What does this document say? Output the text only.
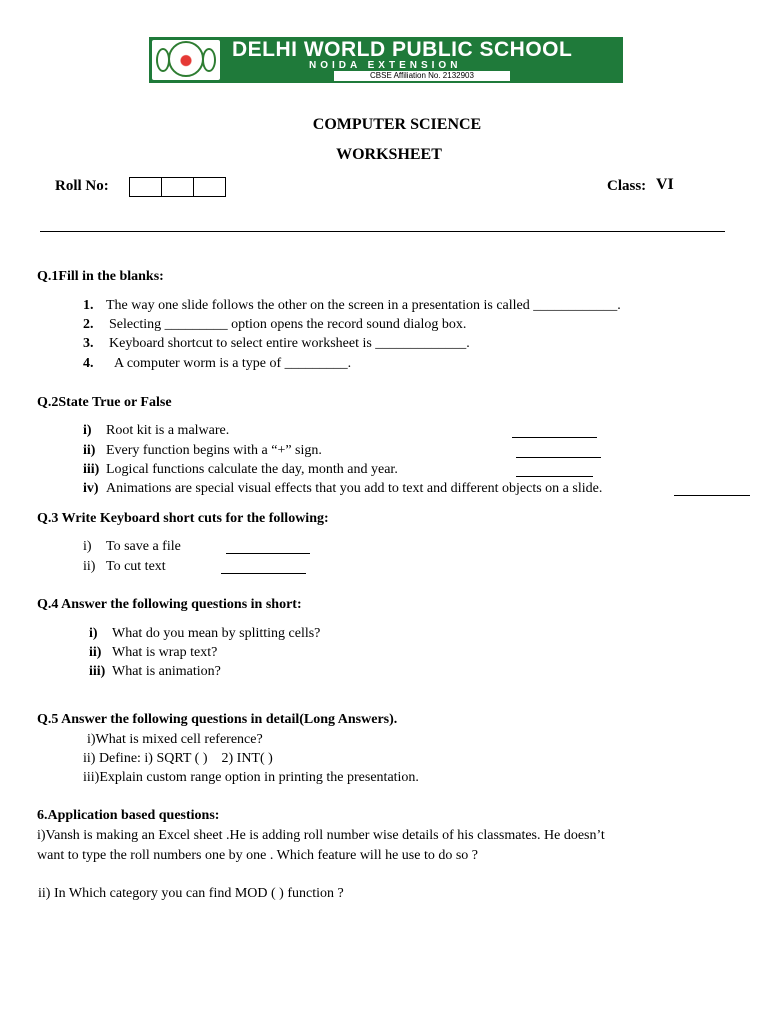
DELHI WORLD PUBLIC SCHOOL
NOIDA EXTENSION
CBSE Affiliation No. 2132903
COMPUTER SCIENCE
WORKSHEET
Roll No:	Class: VI
Q.1Fill in the blanks:
1. The way one slide follows the other on the screen in a presentation is called ____________.
2. Selecting _________ option opens the record sound dialog box.
3. Keyboard shortcut to select entire worksheet is _____________.
4. A computer worm is a type of _________.
Q.2State True or False
i) Root kit is a malware.
ii) Every function begins with a “+” sign.
iii) Logical functions calculate the day, month and year.
iv) Animations are special visual effects that you add to text and different objects on a slide.
Q.3 Write Keyboard short cuts for the following:
i) To save a file
ii) To cut text
Q.4 Answer the following questions in short:
i) What do you mean by splitting cells?
ii) What is wrap text?
iii) What is animation?
Q.5 Answer the following questions in detail(Long Answers).
i)What is mixed cell reference?
ii) Define: i) SQRT ( )    2) INT( )
iii)Explain custom range option in printing the presentation.
6.Application based questions:
i)Vansh is making an Excel sheet .He is adding roll number wise details of his classmates. He doesn’t
want to type the roll numbers one by one . Which feature will he use to do so ?
ii) In Which category you can find MOD ( ) function ?
